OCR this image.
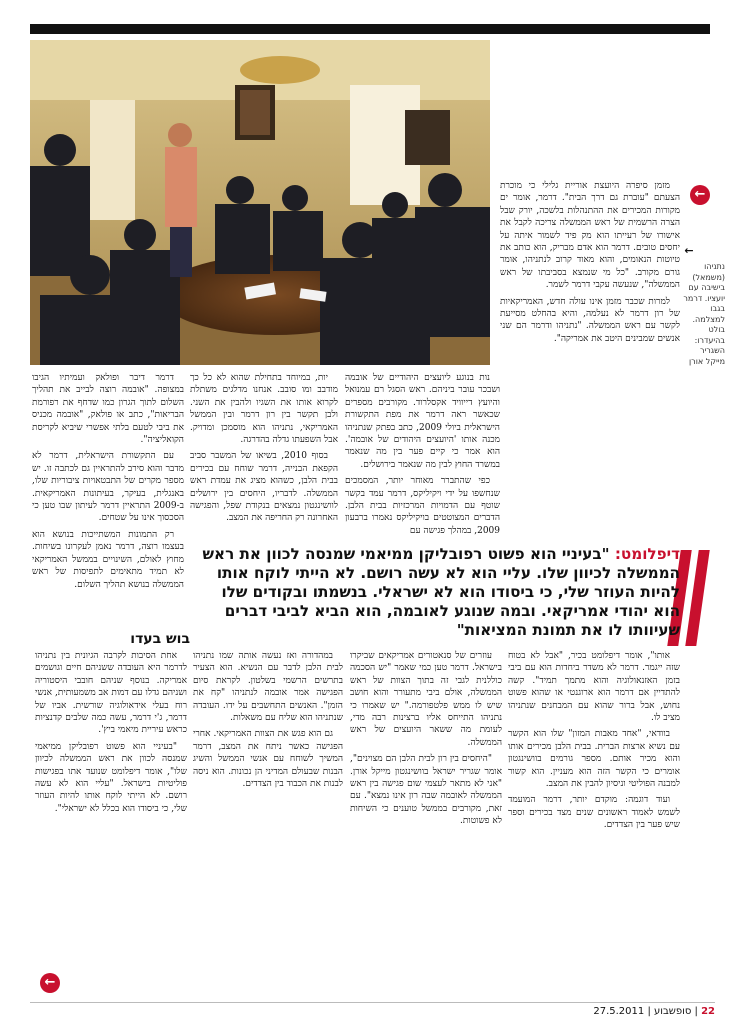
←
←

מזמן סיפרה היועצת אוריית גלילי כי מוכרת הצעתם "עוברת גם דרך הבית". דרמר, אומר ים מקורות המכירים את ההתנהלות בלשכה, יורק שבל הצרה הרשמית של ראש הממשלה צריכה לקבל את אישורו של רעייתו הוא מק פיד לשמור איתה על יחסים טובים. דרמר הוא אדם מבריק, הוא כותב את טיוטות הנאומים, והוא מאוד קרוב לנתניהו, אומר גורם מקורב. "כל מי שנמצא בסביבתו של ראש הממשלה", שנעשה עקבי דרמר לשמר.

למרות שכבר מזמן אינו עולה חדש, האמריקאיות של רון דרמר לא נעלמה, והיא בהחלט מסייעת לקשר עם ראש הממשלה. "נתניהו ודרמר הם שני אנשים שמבינים היטב את אמריקה".

נתניהו (משמאל) בישיבה עם יועציו. דרמר בגבו למצלמה. בולט בהיעדרו: השגריר מייקל אורן

נות בנוגע ליועצים היהודיים של אובמה ושבכר עובר ביניהם. ראש הסגל רם עמנואל והיועץ דייוויד אקסלרוד. מקורבים מספרים שכאשר ראה דרמר את מפת התקשורת הישראלית ביולי 2009, כתב בפתק שנתניהו מכנה אותו 'היועצים היהודים של אובמה'. הוא אמר כי קיים פער בין מה שנאמר במשרד החוץ לבין מה שנאמר בירושלים.

כפי שהתברר מאוחר יותר, המסמכים שנחשפו על ידי ויקיליקס, דרמר עמד בקשר שוטף עם הדמויות המרכזיות בבית הלבן. הדברים המצוטטים בויקיליקס נאמרו ברבעון 2009, במהלך פגישה עם

יות, במיוחד בתחילת שהוא לא כל כך מודבב ומו סובב. אנחנו מדלגים משתלת לקרוא אותו את השגיו ולהבין את השני. ולבן תקשר בין רון דרמר ובין הממשל האמריקאי, נתניהו הוא מוסמכן ומדויק. אבל השפעתו גדלה בהדרגה.

בסוף 2010, בשיאו של המשבר סביב הקפאת הבנייה, דרמר שוחח עם בכירים בבית הלבן, כשהוא מציג את עמדת ראש הממשלה. לדבריו, היחסים בין ירושלים לוושינגטון נמצאים בנקודת שפל, והפגישה האחרונה רק החריפה את המצב.

דרמר דיבר ופולאק ועמיתיו הגיבו במצופה. "אובמה רוצה לבייב את תהליך השלום לתוך הגרון כמו שדחף את רפורמת הבריאות", כתב או פולאק, "אובמה מכניס את ביבי לטעם בלתי אפשרי שיביא לקריסת הקואליציה".

עם התקשורת הישראלית, דרמר לא מדבר והוא סירב להתראיין גם לכתבה זו. יש מספר מקרים של התבטאויות ציבוריות שלו, באנגלית, בעיקר, בעיתונות האמריקאית. ב-2009 התראיין דרמר לעיתון שבו טען כי הסכסוך אינו על שטחים.

רק התמונות המשתייכות בנושא הוא בעצמו רוצה, דרמר נאמן לעקרונו בשיחות. מחוץ לאולם, השינויים בממשל האמריקאי לא תמיד מתאימים לתפיסות של ראש הממשלה בנושא תהליך השלום.

דיפלומט: "בעיניי הוא פשוט רפובליקן ממיאמי שמנסה לכוון את ראש הממשלה לכיוון שלו. עליי הוא לא עשה רושם. לא הייתי לוקח אותו להיות העוזר שלי, כי ביסודו הוא לא ישראלי. בנשמתו ובקודים שלו הוא יהודי אמריקאי. ובמה שנוגע לאובמה, הוא הביא לביבי דברים שעיוותו לו את תמונת המציאות"

בוש בעדו

אחת הסיבות לקרבה הגיונית בין נתניהו לדרמר היא העובדה ששניהם חיים וגושמים אמריקה. בנוסף שניהם חובבי היסטוריה ושניהם גדלו עם דמות אב משמעותית, אנשי רוח בעלי אידאולוגיה שורשית. אביו של דרמר, ג'י דרמר, עשה כמה שלבים קדנציות כראש עיריית מיאמי ביץ'.

"בעיניי הוא פשוט רפובליקן ממיאמי שמנסה לכוון את ראש הממשלה לכיוון שלו", אומר דיפלומט שנועד אתו בפגישות פוליטיות בישראל. "עליי הוא לא עשה רושם. לא הייתי לוקח אותו להיות העוזר שלי, כי ביסודו הוא בכלל לא ישראלי".

במהדורה ואז נעשה אותה שמו נתניהו לבית הלבן לדבר עם הנשיא. הוא הצעיר בתרשים הרשמי בשלטון. לקראת סיום הפגישה אמר אובמה לנתניהו "קח את הזמן". האנשים התחשבים על ידו. העובדה שנתניהו הוא שליח עם משאלות.

גם הוא פגש את הצוות האמריקאי. אחרי הפגישה כאשר ניתח את המצב, דרמר המשיך לשוחח עם אנשי הממשל והשיג הבנות שבעולם המדיני הן נכונות. הוא ניסה לבנות את הכבוד בין הצדדים.

עוזרים של סנאטורים אמריקאים שביקרו בישראל. דרמר טען כמי שאמר "יש הסכמה כוללנית לגבי זה בתוך הצוות של ראש הממשלה, אולם ביבי מתעורר והוא חושב שיש לו ממש פלטפורמה." יש שאמרו כי נתניהו התייחס אליו ברצינות רבה מדי, לעומת מה ששאר היועצים של ראש הממשלה.

"היחסים בין רון לבית הלבן הם מצוינים", אומר שגריר ישראל בוושינגטון מייקל אורן. "אני לא מתאר לעצמי שום פגישה בין ראש הממשלה לאובמה שבה רון אינו נמצא". עם זאת, מקורבים בממשל טוענים כי השיחות לא פשוטות.

אותו", אומר דיפלומט בכיר, "אבל לא בטוח שזה ייגמר. דרמר לא משדר ביחדות הוא עם ביבי בזמן האזנאולוגיה והוא מתמך תמיד". קשה להתדיין אם דרמר הוא ארוגנטי או שהוא פשוט נחוש, אבל ברור שהוא עם המבחנים שנתניהו מציב לו.

בוודאי, "אחד מאבות המזון" שלו הוא הקשר עם נשיא ארצות הברית. בבית הלבן מכירים אותו והוא מכיר אותם. מספר גורמים בוושינגטון אומרים כי הקשר הזה הוא מעניין. הוא קשור למבנה הפוליטי וניסיון להבין את המצב.

ועוד דוגמה: מוקדם יותר, דרמר המועמד לשמש לאמוד ראשונים שנים מצד בכירים וספר שיש פער בין הצדדים.

←
22 | סופשבוע | 27.5.2011
